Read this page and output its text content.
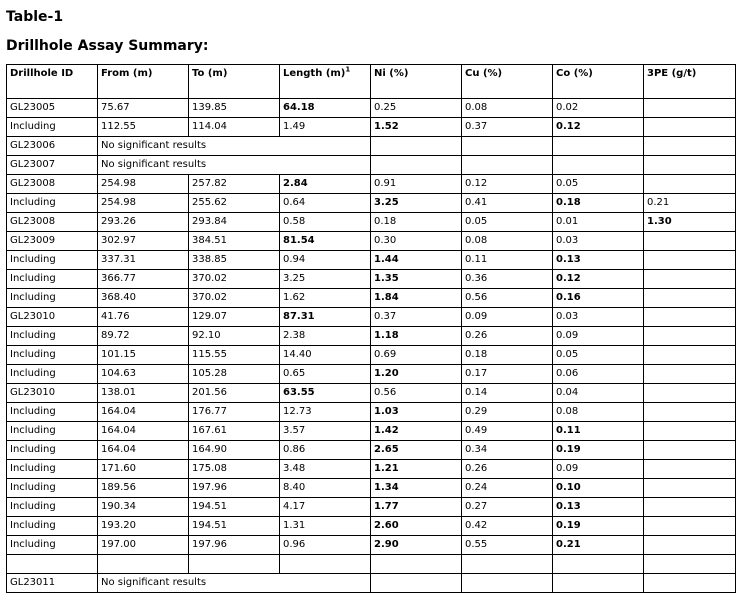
Table-1

Drillhole Assay Summary:

Drillhole ID	From (m)	To (m)	Length $(m)^1$	Ni (%)	Cu (%)	Co (%)	3PE (g/t)
GL23005	75.67	139.85	64.18	0.25	0.08	0.02	
Including	112.55	114.04	1.49	1.52	0.37	0.12	
GL23006	No significant results						
GL23007	No significant results						
GL23008	254.98	257.82	2.84	0.91	0.12	0.05	
Including	254.98	255.62	0.64	3.25	0.41	0.18	0.21
GL23008	293.26	293.84	0.58	0.18	0.05	0.01	1.30
GL23009	302.97	384.51	81.54	0.30	0.08	0.03	
Including	337.31	338.85	0.94	1.44	0.11	0.13	
Including	366.77	370.02	3.25	1.35	0.36	0.12	
Including	368.40	370.02	1.62	1.84	0.56	0.16	
GL23010	41.76	129.07	87.31	0.37	0.09	0.03	
Including	89.72	92.10	2.38	1.18	0.26	0.09	
Including	101.15	115.55	14.40	0.69	0.18	0.05	
Including	104.63	105.28	0.65	1.20	0.17	0.06	
GL23010	138.01	201.56	63.55	0.56	0.14	0.04	
Including	164.04	176.77	12.73	1.03	0.29	0.08	
Including	164.04	167.61	3.57	1.42	0.49	0.11	
Including	164.04	164.90	0.86	2.65	0.34	0.19	
Including	171.60	175.08	3.48	1.21	0.26	0.09	
Including	189.56	197.96	8.40	1.34	0.24	0.10	
Including	190.34	194.51	4.17	1.77	0.27	0.13	
Including	193.20	194.51	1.31	2.60	0.42	0.19	
Including	197.00	197.96	0.96	2.90	0.55	0.21	

GL23011	No significant results						
